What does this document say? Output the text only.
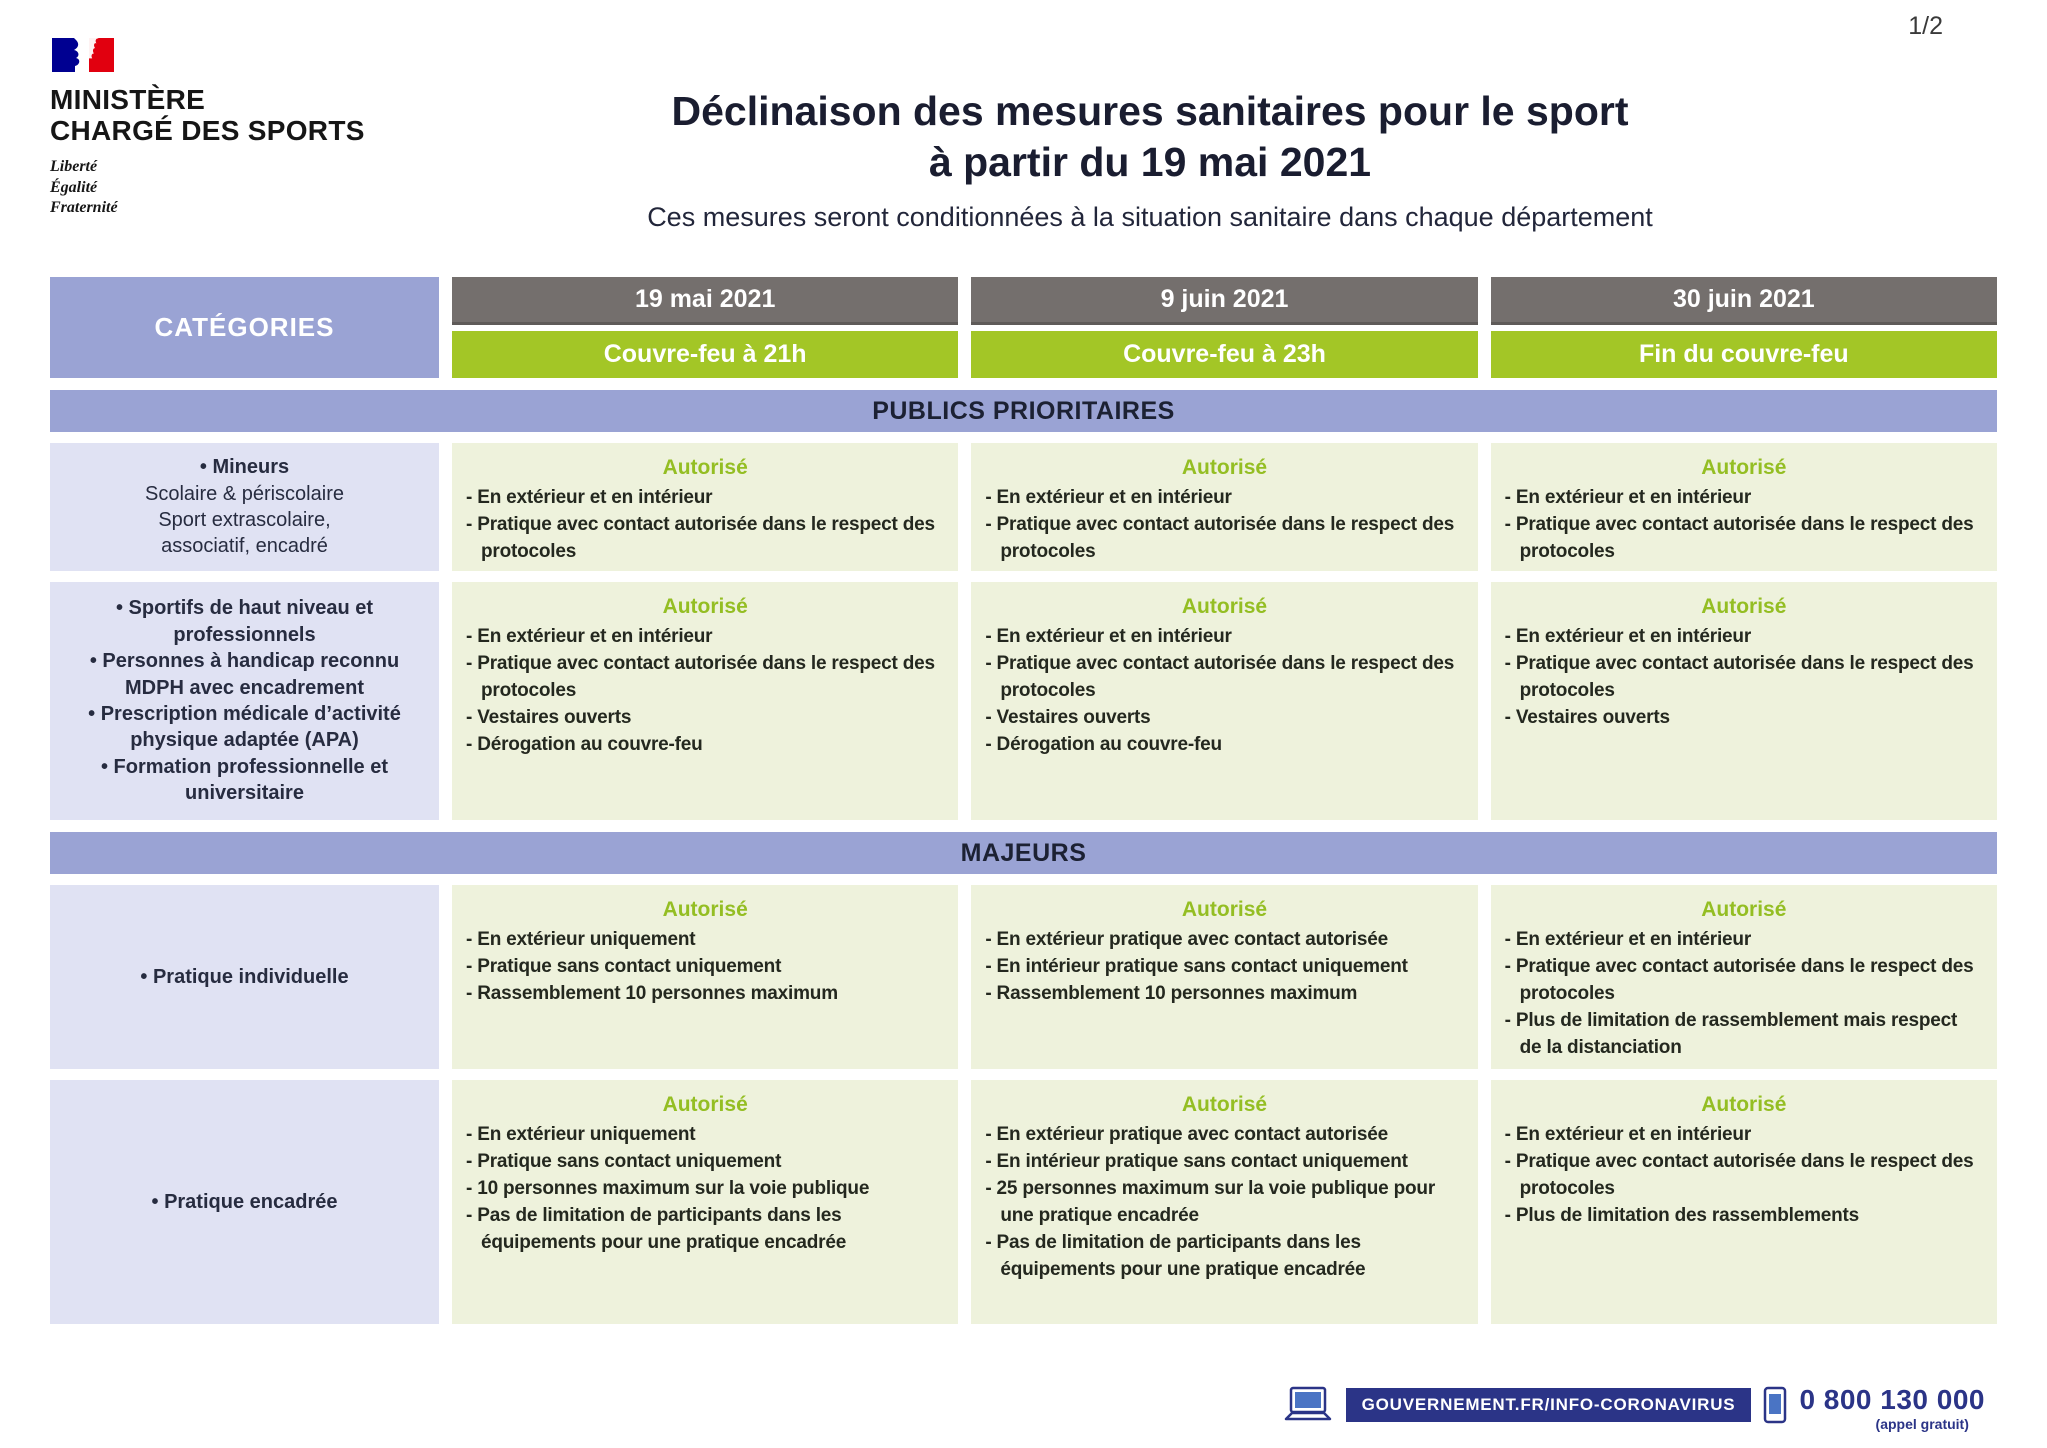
1/2
MINISTÈRE
CHARGÉ DES SPORTS
Liberté
Égalité
Fraternité
Déclinaison des mesures sanitaires pour le sport
à partir du 19 mai 2021
Ces mesures seront conditionnées à la situation sanitaire dans chaque département
CATÉGORIES
19 mai 2021
Couvre-feu à 21h
9 juin 2021
Couvre-feu à 23h
30 juin 2021
Fin du couvre-feu
PUBLICS PRIORITAIRES
• Mineurs
Scolaire & périscolaire
Sport extrascolaire,
associatif, encadré
Autorisé
- En extérieur et en intérieur
- Pratique avec contact autorisée dans le respect des protocoles
Autorisé
- En extérieur et en intérieur
- Pratique avec contact autorisée dans le respect des protocoles
Autorisé
- En extérieur et en intérieur
- Pratique avec contact autorisée dans le respect des protocoles
• Sportifs de haut niveau et professionnels
• Personnes à handicap reconnu MDPH avec encadrement
• Prescription médicale d’activité physique adaptée (APA)
• Formation professionnelle et universitaire
Autorisé
- En extérieur et en intérieur
- Pratique avec contact autorisée dans le respect des protocoles
- Vestaires ouverts
- Dérogation au couvre-feu
Autorisé
- En extérieur et en intérieur
- Pratique avec contact autorisée dans le respect des protocoles
- Vestaires ouverts
- Dérogation au couvre-feu
Autorisé
- En extérieur et en intérieur
- Pratique avec contact autorisée dans le respect des protocoles
- Vestaires ouverts
MAJEURS
• Pratique individuelle
Autorisé
- En extérieur uniquement
- Pratique sans contact uniquement
- Rassemblement 10 personnes maximum
Autorisé
- En extérieur pratique avec contact autorisée
- En intérieur pratique sans contact uniquement
- Rassemblement 10 personnes maximum
Autorisé
- En extérieur et en intérieur
- Pratique avec contact autorisée dans le respect des protocoles
- Plus de limitation de rassemblement mais respect de la distanciation
• Pratique encadrée
Autorisé
- En extérieur uniquement
- Pratique sans contact uniquement
- 10 personnes maximum sur la voie publique
- Pas de limitation de participants dans les équipements pour une pratique encadrée
Autorisé
- En extérieur pratique avec contact autorisée
- En intérieur pratique sans contact uniquement
- 25 personnes maximum sur la voie publique pour une pratique encadrée
- Pas de limitation de participants dans les équipements pour une pratique encadrée
Autorisé
- En extérieur et en intérieur
- Pratique avec contact autorisée dans le respect des protocoles
- Plus de limitation des rassemblements
GOUVERNEMENT.FR/INFO-CORONAVIRUS	0 800 130 000
(appel gratuit)
